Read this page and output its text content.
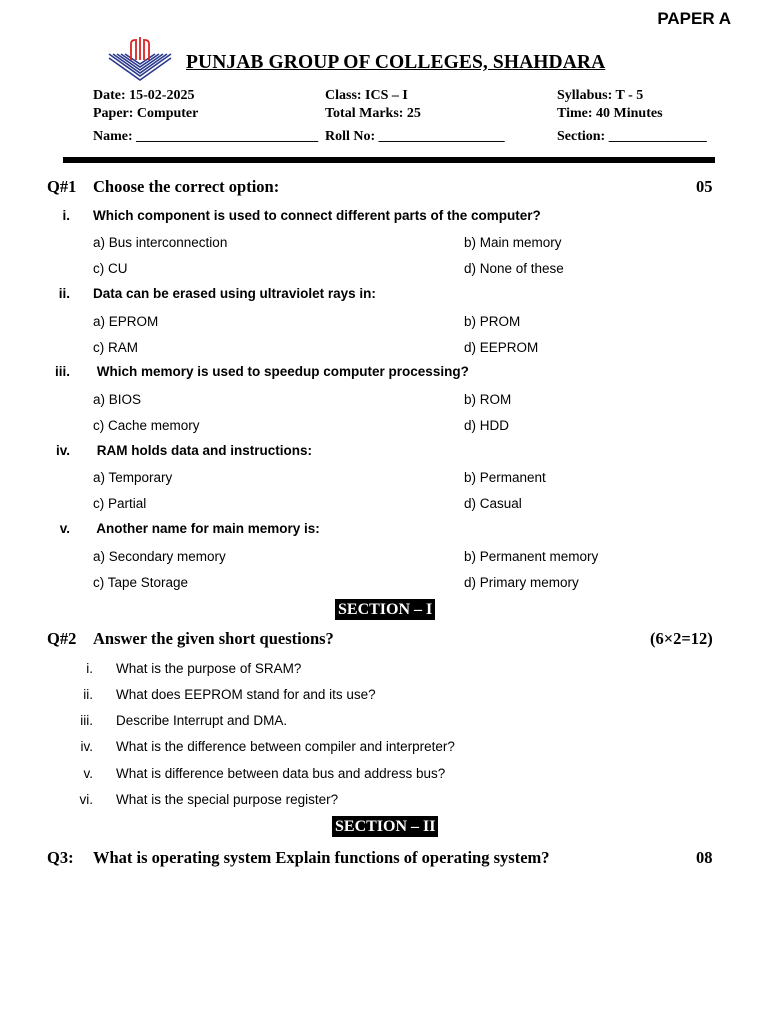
PAPER A
PUNJAB GROUP OF COLLEGES, SHAHDARA
Date: 15-02-2025	Class: ICS – I	Syllabus: T - 5
Paper: Computer	Total Marks: 25	Time: 40 Minutes
Name: __________________________ Roll No: __________________	Section: ______________
Q#1 Choose the correct option:	05
i. Which component is used to connect different parts of the computer?
a) Bus interconnection	b) Main memory
c) CU	d) None of these
ii. Data can be erased using ultraviolet rays in:
a) EPROM	b) PROM
c) RAM	d) EEPROM
iii. Which memory is used to speedup computer processing?
a) BIOS	b) ROM
c) Cache memory	d) HDD
iv. RAM holds data and instructions:
a) Temporary	b) Permanent
c) Partial	d) Casual
v. Another name for main memory is:
a) Secondary memory	b) Permanent memory
c) Tape Storage	d) Primary memory
SECTION – I
Q#2 Answer the given short questions?	(6×2=12)
i. What is the purpose of SRAM?
ii. What does EEPROM stand for and its use?
iii. Describe Interrupt and DMA.
iv. What is the difference between compiler and interpreter?
v. What is difference between data bus and address bus?
vi. What is the special purpose register?
SECTION – II
Q3: What is operating system Explain functions of operating system?	08
